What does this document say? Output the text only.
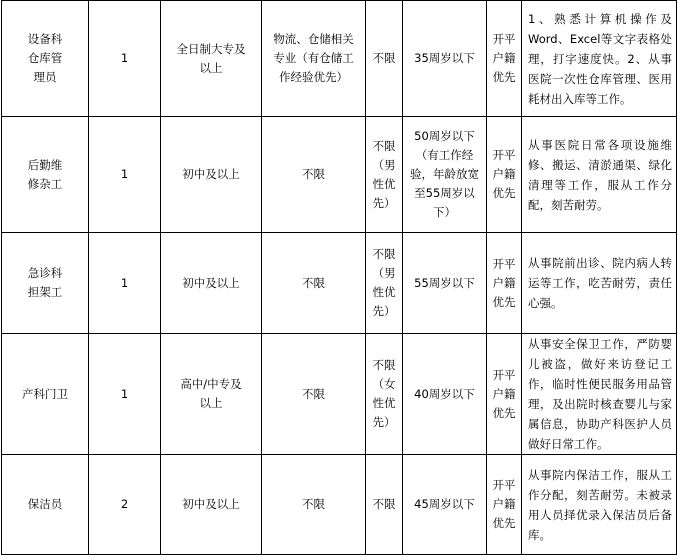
设备科仓库管理员	1	全日制大专及以上	物流、仓储相关专业（有仓储工作经验优先）	不限	35周岁以下	开平户籍优先	1、熟悉计算机操作及Word、Excel等文字表格处理，打字速度快。2、从事医院一次性仓库管理、医用耗材出入库等工作。
后勤维修杂工	1	初中及以上	不限	不限（男性优先）	50周岁以下（有工作经验，年龄放宽至55周岁以下）	开平户籍优先	从事医院日常各项设施维修、搬运、清淤通渠、绿化清理等工作，服从工作分配，刻苦耐劳。
急诊科担架工	1	初中及以上	不限	不限（男性优先）	55周岁以下	开平户籍优先	从事院前出诊、院内病人转运等工作，吃苦耐劳，责任心强。
产科门卫	1	高中/中专及以上	不限	不限（女性优先）	40周岁以下	开平户籍优先	从事安全保卫工作，严防婴儿被盗，做好来访登记工作，临时性便民服务用品管理，及出院时核查婴儿与家属信息，协助产科医护人员做好日常工作。
保洁员	2	初中及以上	不限	不限	45周岁以下	开平户籍优先	从事院内保洁工作，服从工作分配，刻苦耐劳。未被录用人员择优录入保洁员后备库。
